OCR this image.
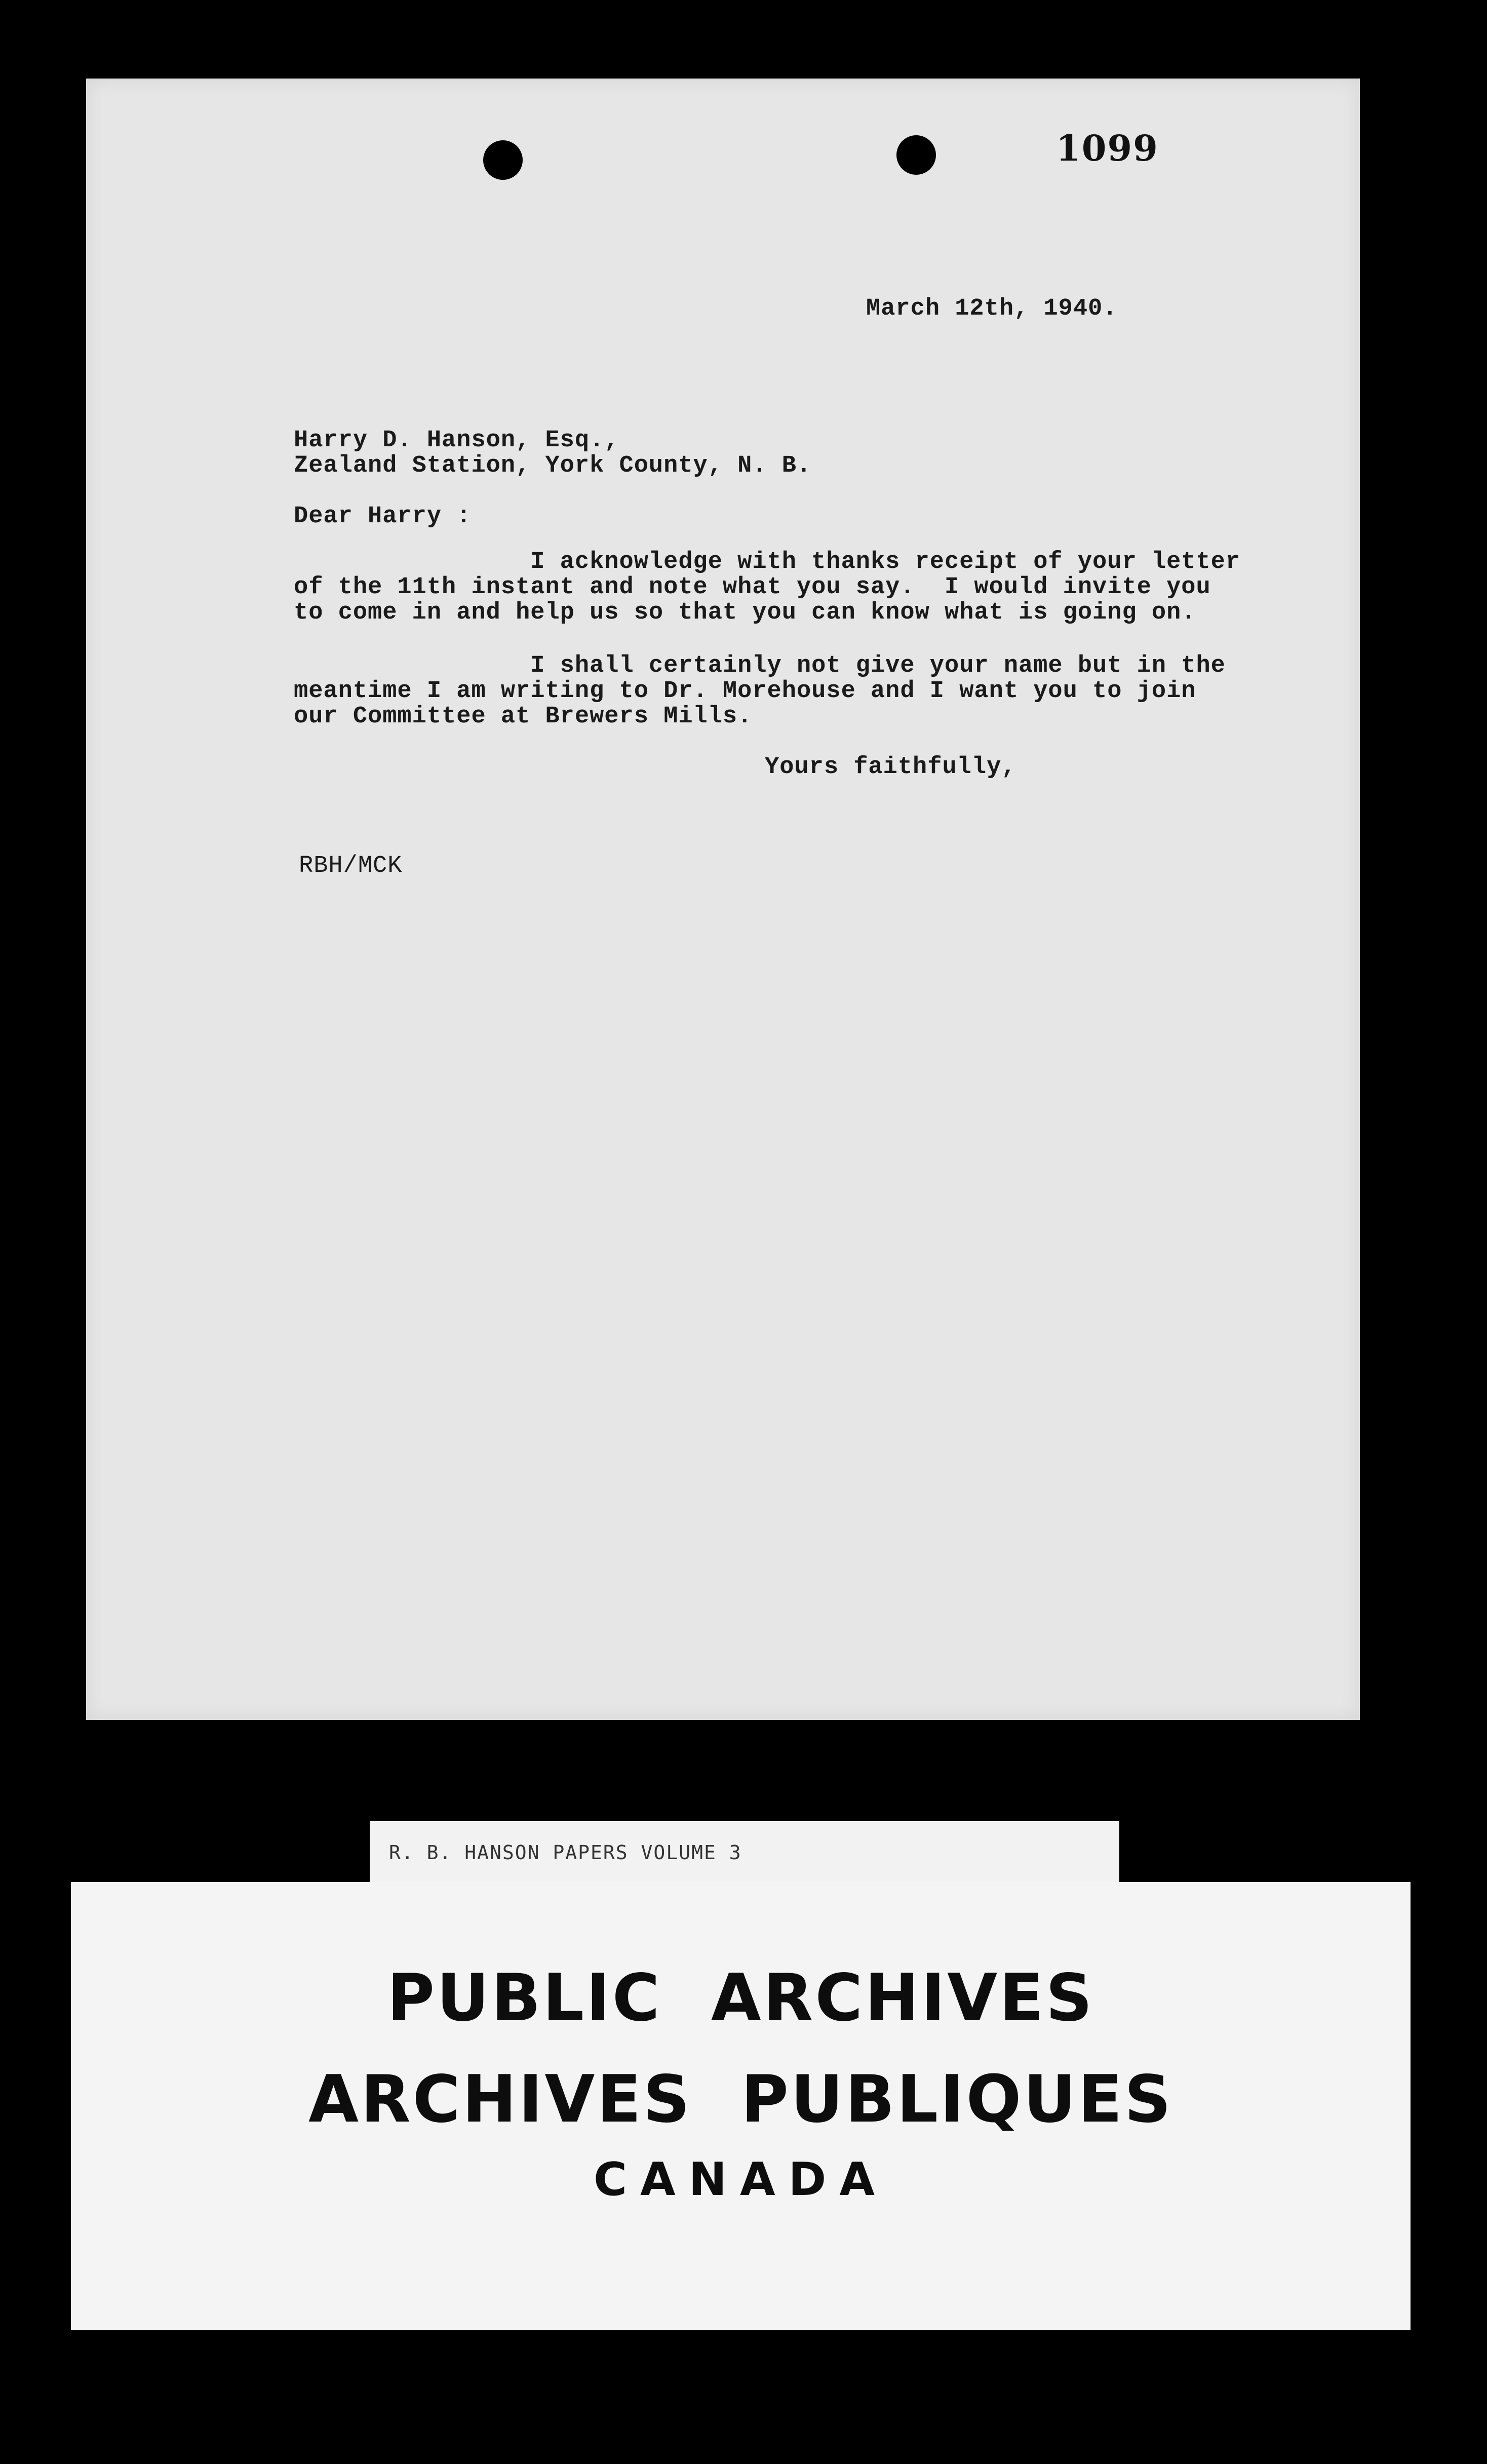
1099
March 12th, 1940.
Harry D. Hanson, Esq.,
Zealand Station, York County, N. B.
Dear Harry :
I acknowledge with thanks receipt of your letter
of the 11th instant and note what you say.  I would invite you
to come in and help us so that you can know what is going on.
I shall certainly not give your name but in the
meantime I am writing to Dr. Morehouse and I want you to join
our Committee at Brewers Mills.
Yours faithfully,
RBH/MCK
R. B. HANSON PAPERS VOLUME 3
PUBLIC  ARCHIVES
ARCHIVES  PUBLIQUES
CANADA
